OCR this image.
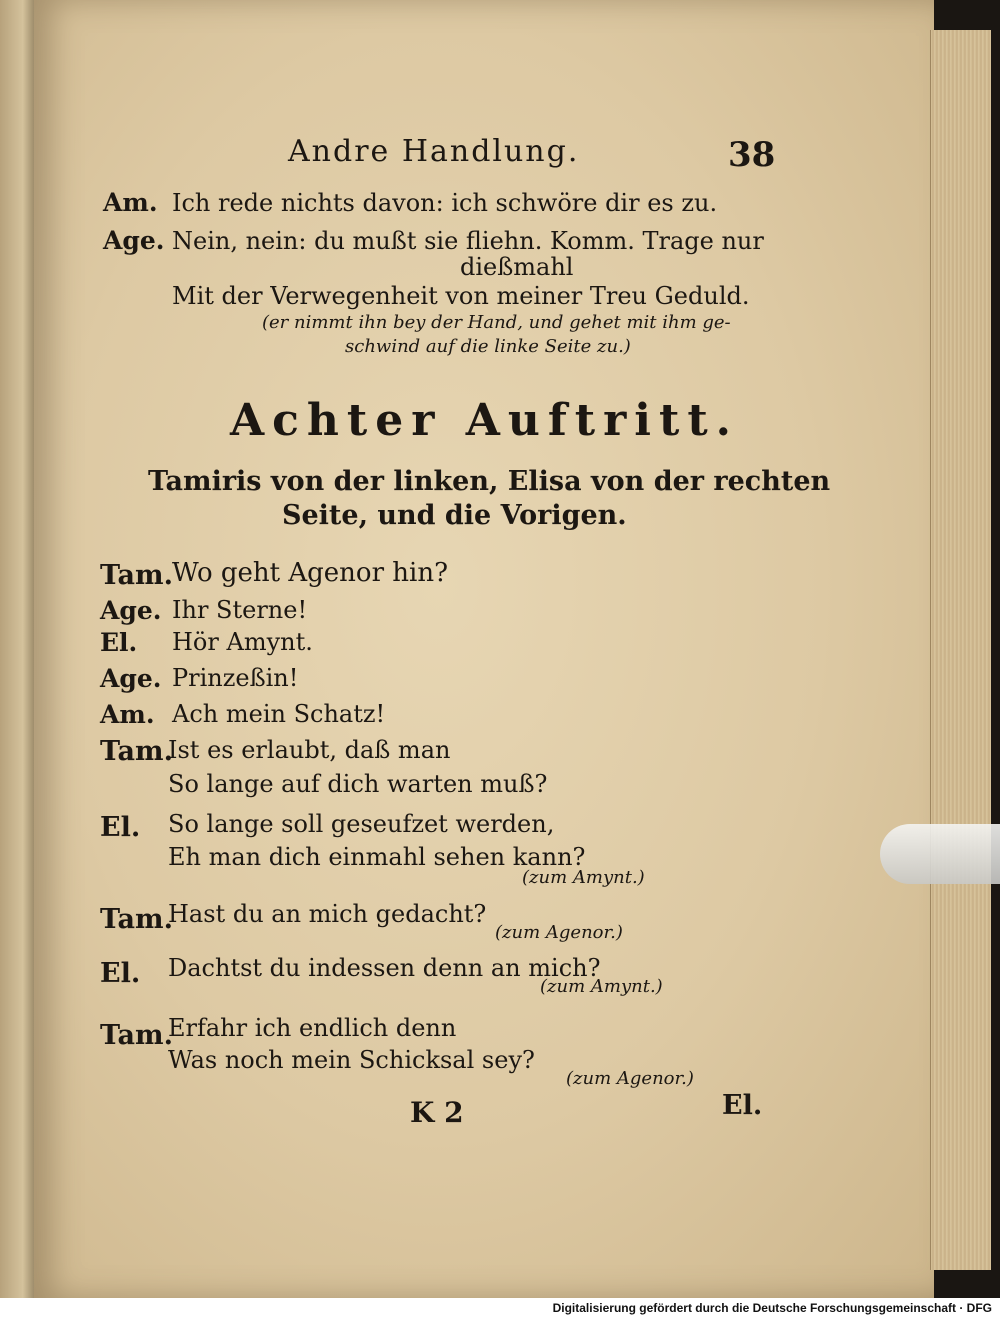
Andre Handlung.	38
Am. Ich rede nichts davon: ich schwöre dir es zu.
Age. Nein, nein: du mußt sie fliehn. Komm. Trage nur
dießmahl
Mit der Verwegenheit von meiner Treu Geduld.
(er nimmt ihn bey der Hand, und gehet mit ihm ge-
schwind auf die linke Seite zu.)
Achter Auftritt.
Tamiris von der linken, Elisa von der rechten
Seite, und die Vorigen.
Tam. Wo geht Agenor hin?
Age. Ihr Sterne!
El. Hör Amynt.
Age. Prinzeßin!
Am. Ach mein Schatz!
Tam.
Ist es erlaubt, daß man
So lange auf dich warten muß?
El. So lange soll geseufzet werden,
Eh man dich einmahl sehen kann?
(zum Amynt.)
Tam.
Hast du an mich gedacht?
(zum Agenor.)
El. Dachtst du indessen denn an mich?
(zum Amynt.)
Tam.
Erfahr ich endlich denn
Was noch mein Schicksal sey?
(zum Agenor.)
K 2	El.
Digitalisierung gefördert durch die Deutsche Forschungsgemeinschaft · DFG
